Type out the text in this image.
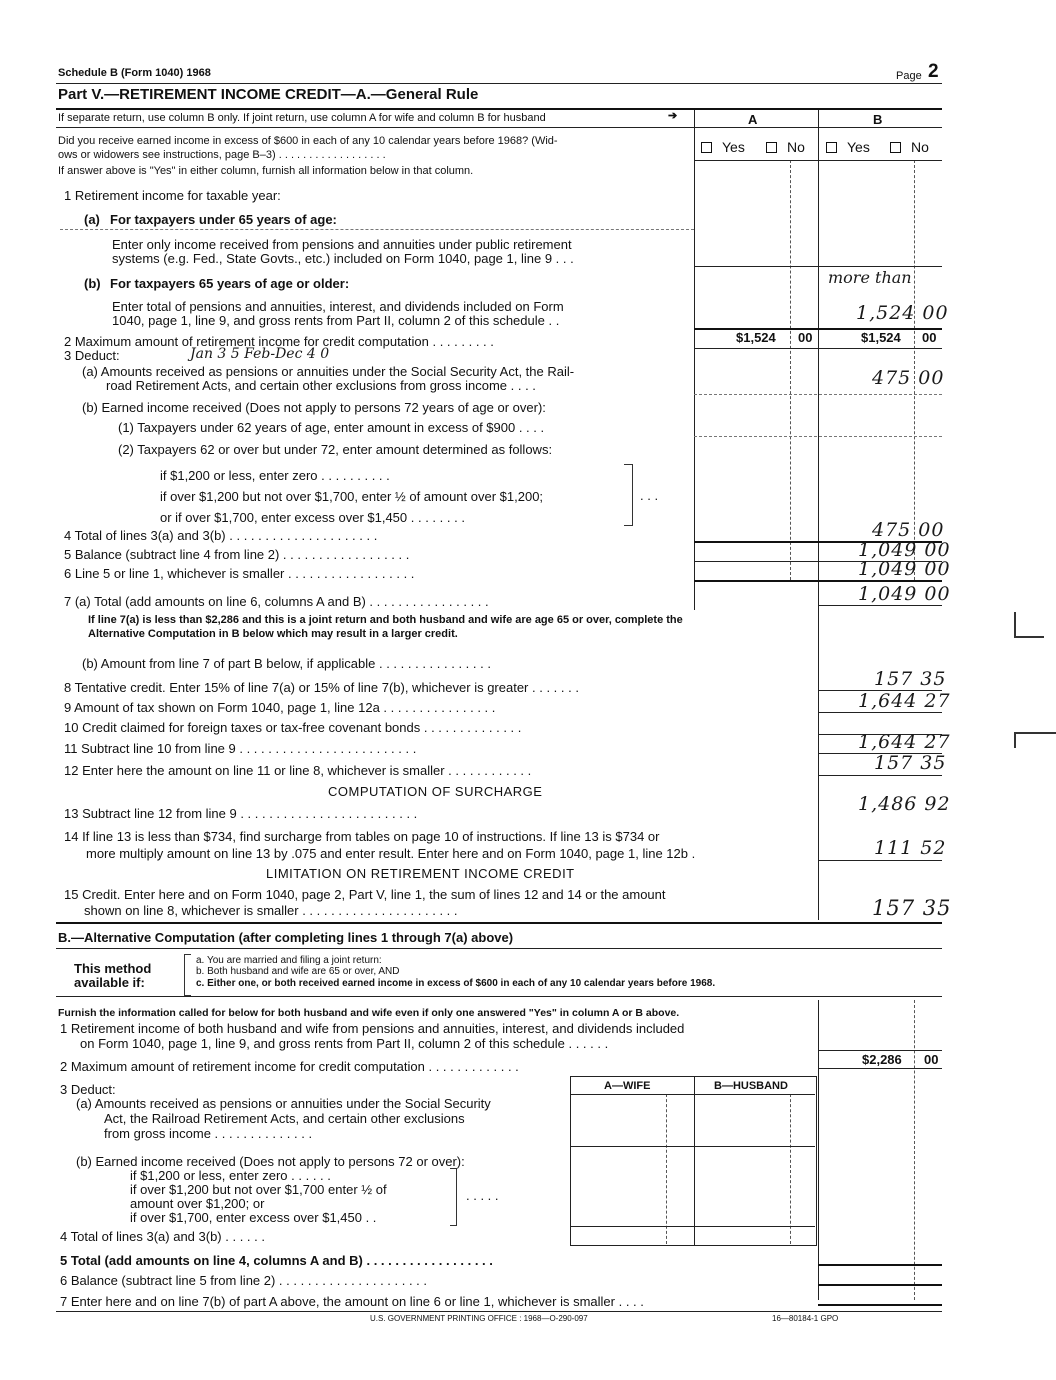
Schedule B (Form 1040) 1968	Page 2
Part V.—RETIREMENT INCOME CREDIT—A.—General Rule
If separate return, use column B only. If joint return, use column A for wife and column B for husband	➔	A	B
Did you receive earned income in excess of $600 in each of any 10 calendar years before 1968? (Wid-
ows or widowers see instructions, page B–3) . . . . . . . . . . . . . . . . . .
If answer above is "Yes" in either column, furnish all information below in that column.
Yes	No	Yes	No
1 Retirement income for taxable year:
(a) For taxpayers under 65 years of age:
Enter only income received from pensions and annuities under public retirement
systems (e.g. Fed., State Govts., etc.) included on Form 1040, page 1, line 9 . . .
(b) For taxpayers 65 years of age or older:
Enter total of pensions and annuities, interest, and dividends included on Form
1040, page 1, line 9, and gross rents from Part II, column 2 of this schedule . .
more than
1,524 00
2 Maximum amount of retirement income for credit computation . . . . . . . . .	$1,524 00	$1,524 00
3 Deduct:	Jan 3 5 Feb-Dec 4 0
(a) Amounts received as pensions or annuities under the Social Security Act, the Rail-
road Retirement Acts, and certain other exclusions from gross income . . . .	475 00
(b) Earned income received (Does not apply to persons 72 years of age or over):
(1) Taxpayers under 62 years of age, enter amount in excess of $900 . . . .
(2) Taxpayers 62 or over but under 72, enter amount determined as follows:
if $1,200 or less, enter zero . . . . . . . . . .
if over $1,200 but not over $1,700, enter ½ of amount over $1,200;
or if over $1,700, enter excess over $1,450 . . . . . . . .
. . .
4 Total of lines 3(a) and 3(b) . . . . . . . . . . . . . . . . . . . . .	475 00
5 Balance (subtract line 4 from line 2) . . . . . . . . . . . . . . . . . .	1,049 00
6 Line 5 or line 1, whichever is smaller . . . . . . . . . . . . . . . . . .	1,049 00
7 (a) Total (add amounts on line 6, columns A and B) . . . . . . . . . . . . . . . . .	1,049 00
If line 7(a) is less than $2,286 and this is a joint return and both husband and wife are age 65 or over, complete the
Alternative Computation in B below which may result in a larger credit.
(b) Amount from line 7 of part B below, if applicable . . . . . . . . . . . . . . . .
8 Tentative credit. Enter 15% of line 7(a) or 15% of line 7(b), whichever is greater . . . . . . .	157 35
9 Amount of tax shown on Form 1040, page 1, line 12a . . . . . . . . . . . . . . . .	1,644 27
10 Credit claimed for foreign taxes or tax-free covenant bonds . . . . . . . . . . . . . .
11 Subtract line 10 from line 9 . . . . . . . . . . . . . . . . . . . . . . . . .	1,644 27
12 Enter here the amount on line 11 or line 8, whichever is smaller . . . . . . . . . . . .	157 35
COMPUTATION OF SURCHARGE
13 Subtract line 12 from line 9 . . . . . . . . . . . . . . . . . . . . . . . . .	1,486 92
14 If line 13 is less than $734, find surcharge from tables on page 10 of instructions. If line 13 is $734 or
more multiply amount on line 13 by .075 and enter result. Enter here and on Form 1040, page 1, line 12b .	111 52
LIMITATION ON RETIREMENT INCOME CREDIT
15 Credit. Enter here and on Form 1040, page 2, Part V, line 1, the sum of lines 12 and 14 or the amount
shown on line 8, whichever is smaller . . . . . . . . . . . . . . . . . . . . . .	157 35
B.—Alternative Computation (after completing lines 1 through 7(a) above)
This method
available if:
a. You are married and filing a joint return:
b. Both husband and wife are 65 or over, AND
c. Either one, or both received earned income in excess of $600 in each of any 10 calendar years before 1968.
Furnish the information called for below for both husband and wife even if only one answered "Yes" in column A or B above.
1 Retirement income of both husband and wife from pensions and annuities, interest, and dividends included
on Form 1040, page 1, line 9, and gross rents from Part II, column 2 of this schedule . . . . . .
2 Maximum amount of retirement income for credit computation . . . . . . . . . . . . .	$2,286 00
A—WIFE	B—HUSBAND
3 Deduct:
(a) Amounts received as pensions or annuities under the Social Security
Act, the Railroad Retirement Acts, and certain other exclusions
from gross income . . . . . . . . . . . . . .
(b) Earned income received (Does not apply to persons 72 or over):
if $1,200 or less, enter zero . . . . . .
if over $1,200 but not over $1,700 enter ½ of
amount over $1,200; or
if over $1,700, enter excess over $1,450 . .
. . . . .
4 Total of lines 3(a) and 3(b) . . . . . .
5 Total (add amounts on line 4, columns A and B) . . . . . . . . . . . . . . . . . .
6 Balance (subtract line 5 from line 2) . . . . . . . . . . . . . . . . . . . . .
7 Enter here and on line 7(b) of part A above, the amount on line 6 or line 1, whichever is smaller . . . .
U.S. GOVERNMENT PRINTING OFFICE : 1968—O-290-097	16—80184-1 GPO
